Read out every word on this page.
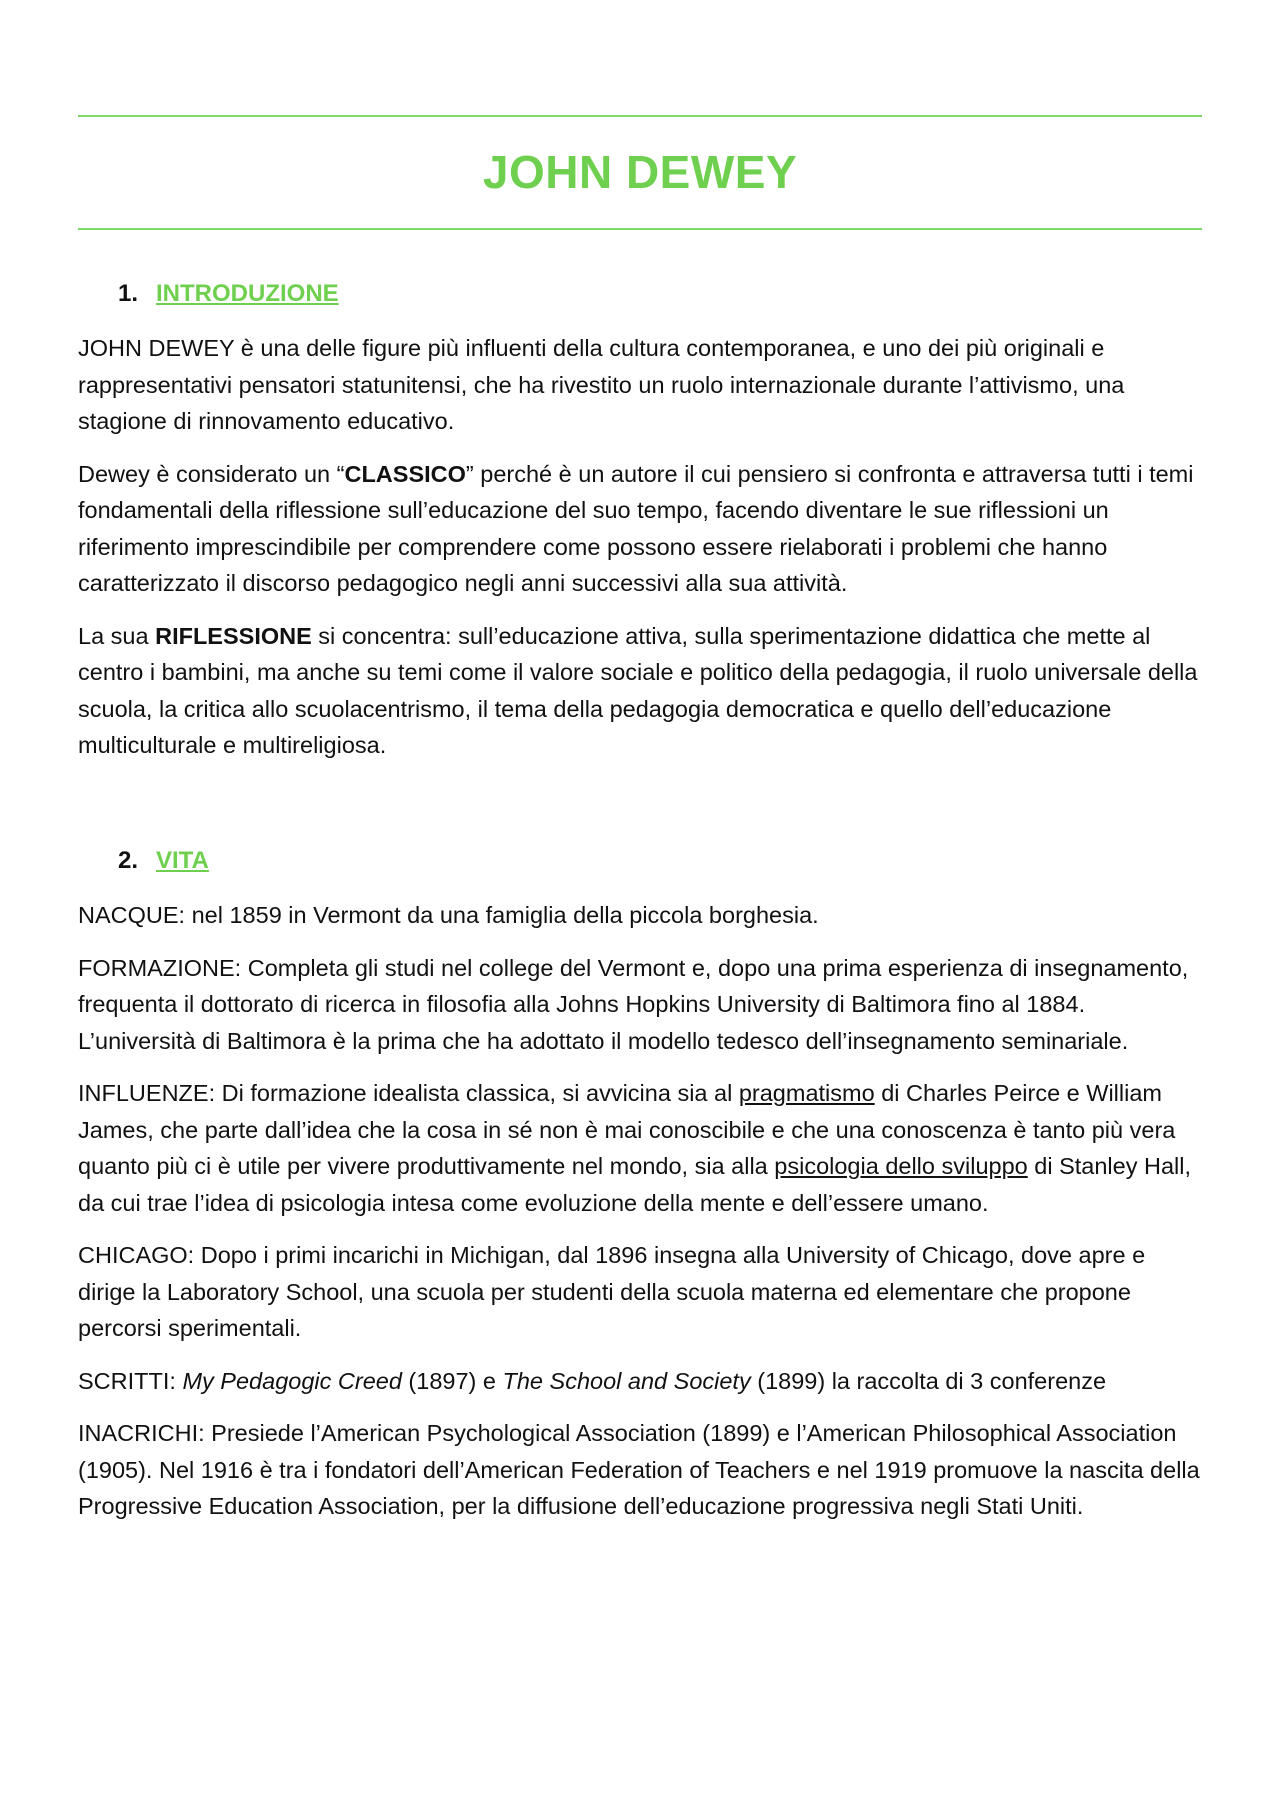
JOHN DEWEY
1. INTRODUZIONE

JOHN DEWEY è una delle figure più influenti della cultura contemporanea, e uno dei più originali e rappresentativi pensatori statunitensi, che ha rivestito un ruolo internazionale durante l’attivismo, una stagione di rinnovamento educativo.

Dewey è considerato un “CLASSICO” perché è un autore il cui pensiero si confronta e attraversa tutti i temi fondamentali della riflessione sull’educazione del suo tempo, facendo diventare le sue riflessioni un riferimento imprescindibile per comprendere come possono essere rielaborati i problemi che hanno caratterizzato il discorso pedagogico negli anni successivi alla sua attività.

La sua RIFLESSIONE si concentra: sull’educazione attiva, sulla sperimentazione didattica che mette al centro i bambini, ma anche su temi come il valore sociale e politico della pedagogia, il ruolo universale della scuola, la critica allo scuolacentrismo, il tema della pedagogia democratica e quello dell’educazione multiculturale e multireligiosa.

2. VITA

NACQUE: nel 1859 in Vermont da una famiglia della piccola borghesia.

FORMAZIONE: Completa gli studi nel college del Vermont e, dopo una prima esperienza di insegnamento, frequenta il dottorato di ricerca in filosofia alla Johns Hopkins University di Baltimora fino al 1884. L’università di Baltimora è la prima che ha adottato il modello tedesco dell’insegnamento seminariale.

INFLUENZE: Di formazione idealista classica, si avvicina sia al pragmatismo di Charles Peirce e William James, che parte dall’idea che la cosa in sé non è mai conoscibile e che una conoscenza è tanto più vera quanto più ci è utile per vivere produttivamente nel mondo, sia alla psicologia dello sviluppo di Stanley Hall, da cui trae l’idea di psicologia intesa come evoluzione della mente e dell’essere umano.

CHICAGO: Dopo i primi incarichi in Michigan, dal 1896 insegna alla University of Chicago, dove apre e dirige la Laboratory School, una scuola per studenti della scuola materna ed elementare che propone percorsi sperimentali.

SCRITTI: My Pedagogic Creed (1897) e The School and Society (1899) la raccolta di 3 conferenze

INACRICHI: Presiede l’American Psychological Association (1899) e l’American Philosophical Association (1905). Nel 1916 è tra i fondatori dell’American Federation of Teachers e nel 1919 promuove la nascita della Progressive Education Association, per la diffusione dell’educazione progressiva negli Stati Uniti.
